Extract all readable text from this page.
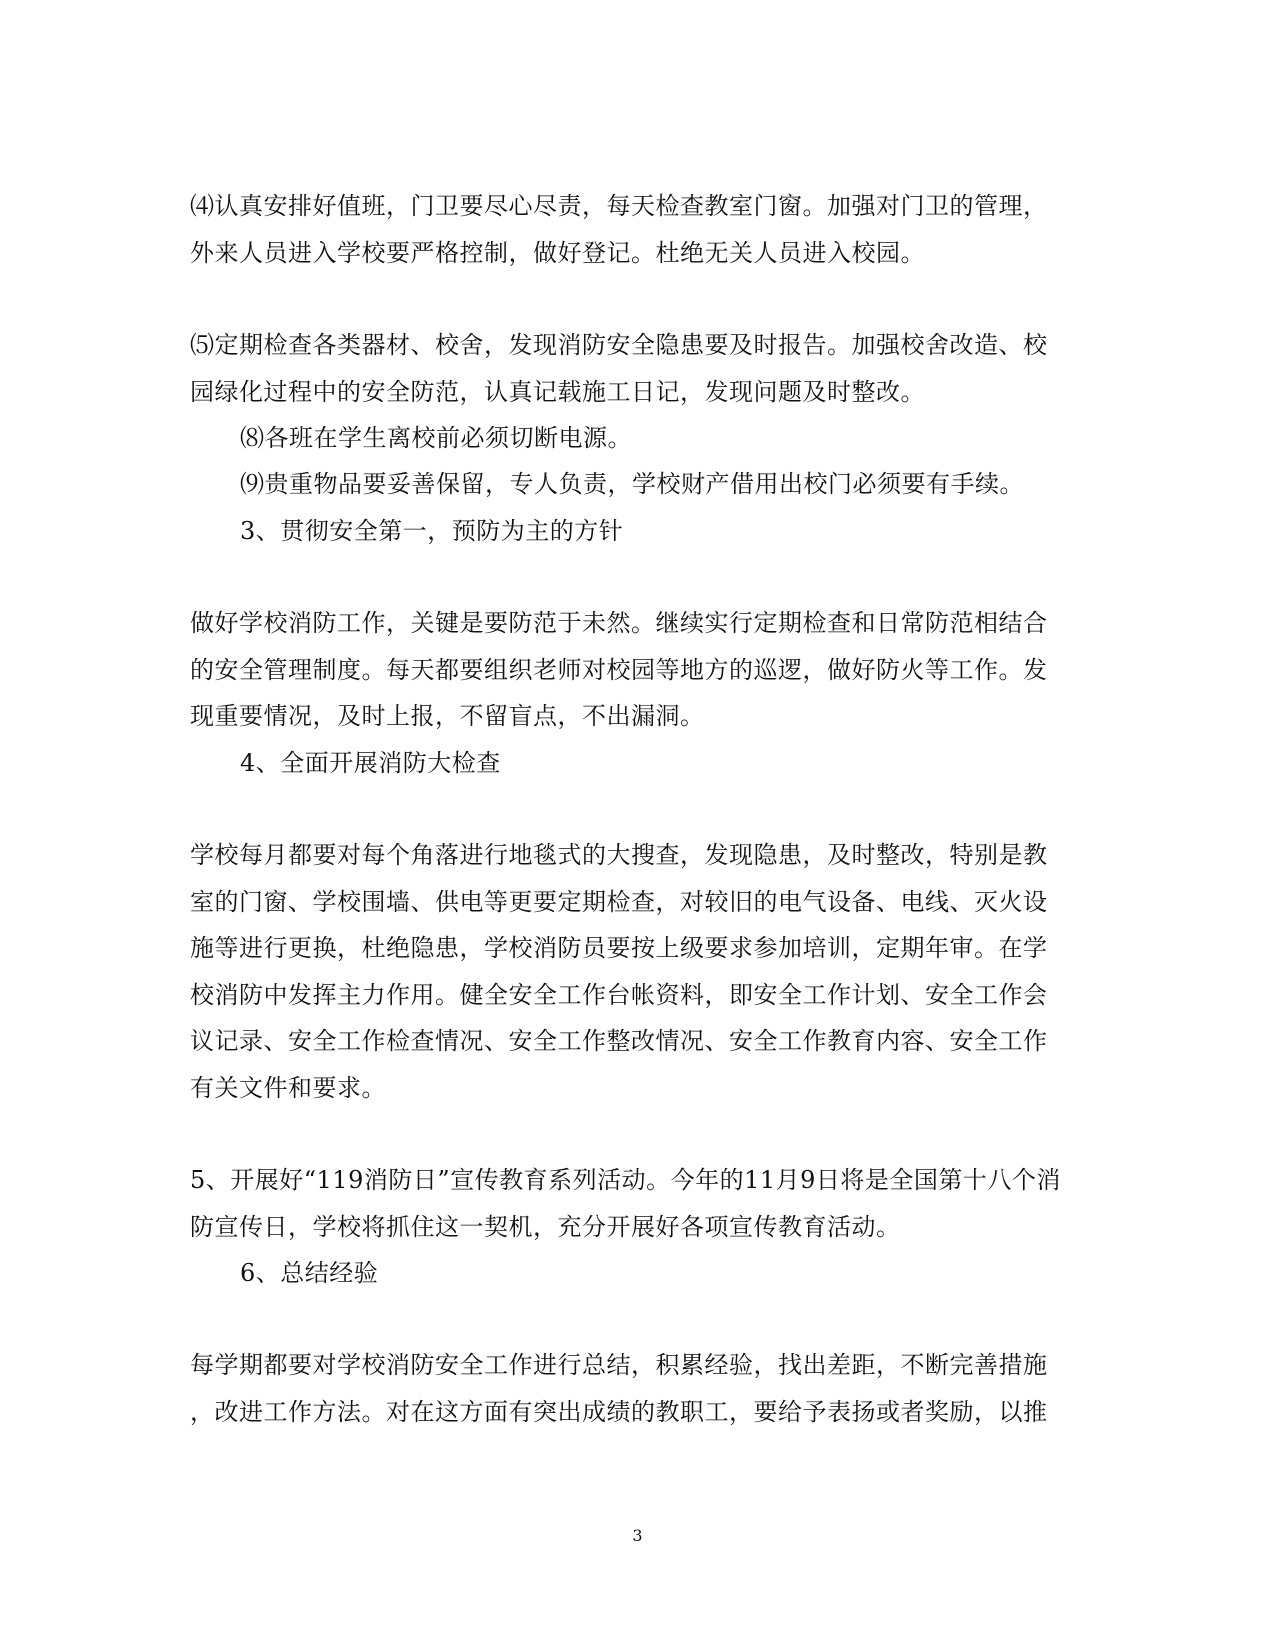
⑷认真安排好值班，门卫要尽心尽责，每天检查教室门窗。加强对门卫的管理，
外来人员进入学校要严格控制，做好登记。杜绝无关人员进入校园。
⑸定期检查各类器材、校舍，发现消防安全隐患要及时报告。加强校舍改造、校
园绿化过程中的安全防范，认真记载施工日记，发现问题及时整改。
⑻各班在学生离校前必须切断电源。
⑼贵重物品要妥善保留，专人负责，学校财产借用出校门必须要有手续。
3、贯彻安全第一，预防为主的方针
做好学校消防工作，关键是要防范于未然。继续实行定期检查和日常防范相结合
的安全管理制度。每天都要组织老师对校园等地方的巡逻，做好防火等工作。发
现重要情况，及时上报，不留盲点，不出漏洞。
4、全面开展消防大检查
学校每月都要对每个角落进行地毯式的大搜查，发现隐患，及时整改，特别是教
室的门窗、学校围墙、供电等更要定期检查，对较旧的电气设备、电线、灭火设
施等进行更换，杜绝隐患，学校消防员要按上级要求参加培训，定期年审。在学
校消防中发挥主力作用。健全安全工作台帐资料，即安全工作计划、安全工作会
议记录、安全工作检查情况、安全工作整改情况、安全工作教育内容、安全工作
有关文件和要求。
5、开展好“119消防日”宣传教育系列活动。今年的11月9日将是全国第十八个消
防宣传日，学校将抓住这一契机，充分开展好各项宣传教育活动。
6、总结经验
每学期都要对学校消防安全工作进行总结，积累经验，找出差距，不断完善措施
，改进工作方法。对在这方面有突出成绩的教职工，要给予表扬或者奖励，以推
3
